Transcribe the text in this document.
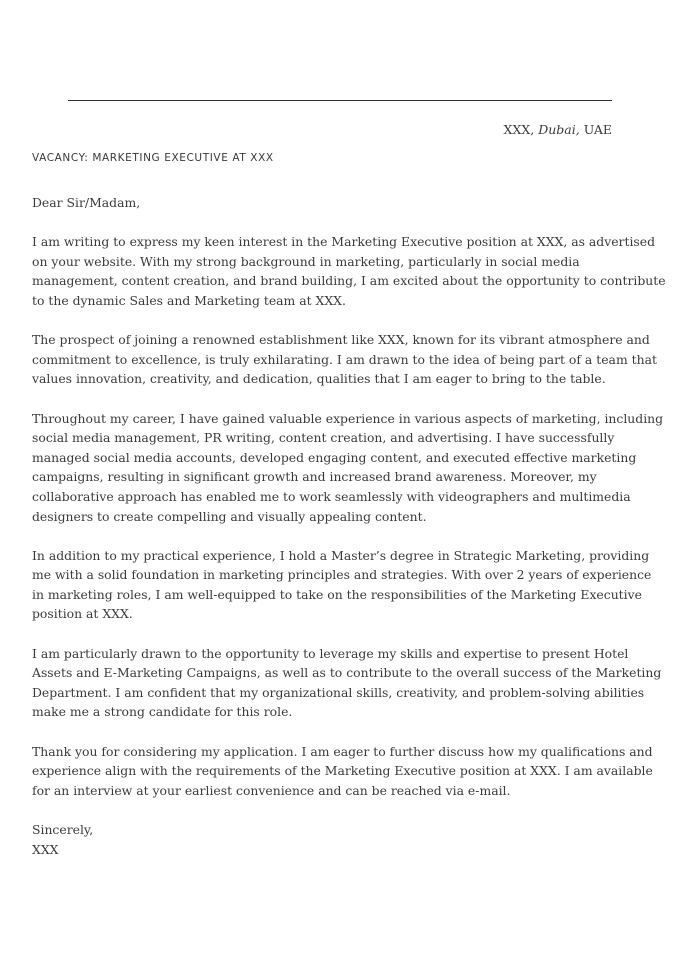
XXX, Dubai, UAE
VACANCY: MARKETING EXECUTIVE AT XXX

Dear Sir/Madam,

I am writing to express my keen interest in the Marketing Executive position at XXX, as advertised on your website. With my strong background in marketing, particularly in social media management, content creation, and brand building, I am excited about the opportunity to contribute to the dynamic Sales and Marketing team at XXX.

The prospect of joining a renowned establishment like XXX, known for its vibrant atmosphere and commitment to excellence, is truly exhilarating. I am drawn to the idea of being part of a team that values innovation, creativity, and dedication, qualities that I am eager to bring to the table.

Throughout my career, I have gained valuable experience in various aspects of marketing, including social media management, PR writing, content creation, and advertising. I have successfully managed social media accounts, developed engaging content, and executed effective marketing campaigns, resulting in significant growth and increased brand awareness. Moreover, my collaborative approach has enabled me to work seamlessly with videographers and multimedia designers to create compelling and visually appealing content.

In addition to my practical experience, I hold a Master’s degree in Strategic Marketing, providing me with a solid foundation in marketing principles and strategies. With over 2 years of experience in marketing roles, I am well-equipped to take on the responsibilities of the Marketing Executive position at XXX.

I am particularly drawn to the opportunity to leverage my skills and expertise to present Hotel Assets and E-Marketing Campaigns, as well as to contribute to the overall success of the Marketing Department. I am confident that my organizational skills, creativity, and problem-solving abilities make me a strong candidate for this role.

Thank you for considering my application. I am eager to further discuss how my qualifications and experience align with the requirements of the Marketing Executive position at XXX. I am available for an interview at your earliest convenience and can be reached via e-mail.

Sincerely,

XXX
